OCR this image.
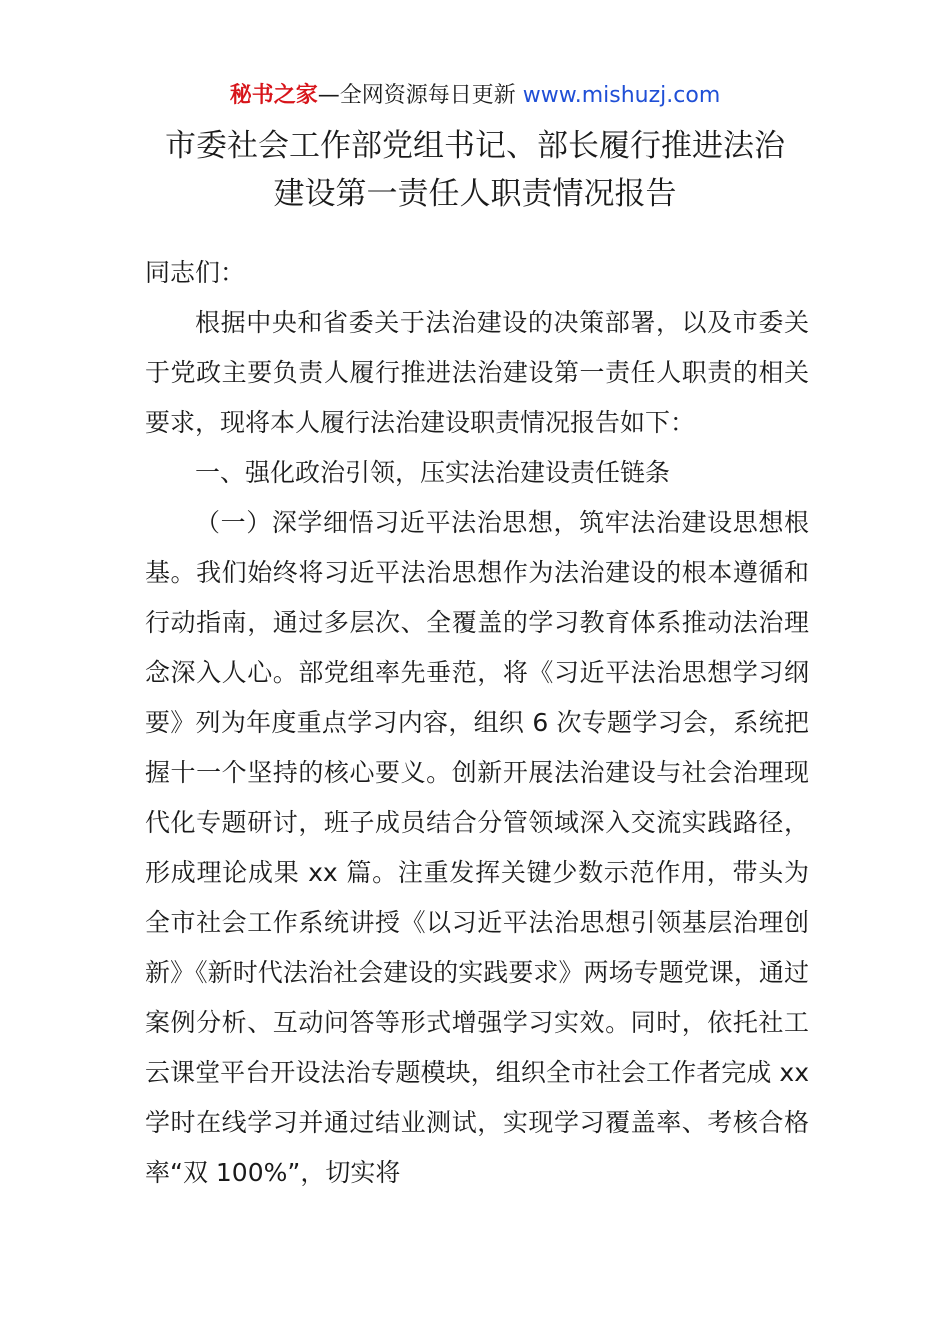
秘书之家—全网资源每日更新 www.mishuzj.com
市委社会工作部党组书记、部长履行推进法治
建设第一责任人职责情况报告

同志们：

根据中央和省委关于法治建设的决策部署，以及市委关于党政主要负责人履行推进法治建设第一责任人职责的相关要求，现将本人履行法治建设职责情况报告如下：

一、强化政治引领，压实法治建设责任链条

（一）深学细悟习近平法治思想，筑牢法治建设思想根基。我们始终将习近平法治思想作为法治建设的根本遵循和行动指南，通过多层次、全覆盖的学习教育体系推动法治理念深入人心。部党组率先垂范，将《习近平法治思想学习纲要》列为年度重点学习内容，组织 6 次专题学习会，系统把握十一个坚持的核心要义。创新开展法治建设与社会治理现代化专题研讨，班子成员结合分管领域深入交流实践路径，形成理论成果 xx 篇。注重发挥关键少数示范作用，带头为全市社会工作系统讲授《以习近平法治思想引领基层治理创新》《新时代法治社会建设的实践要求》两场专题党课，通过案例分析、互动问答等形式增强学习实效。同时，依托社工云课堂平台开设法治专题模块，组织全市社会工作者完成 xx 学时在线学习并通过结业测试，实现学习覆盖率、考核合格率“双 100%”，切实将
